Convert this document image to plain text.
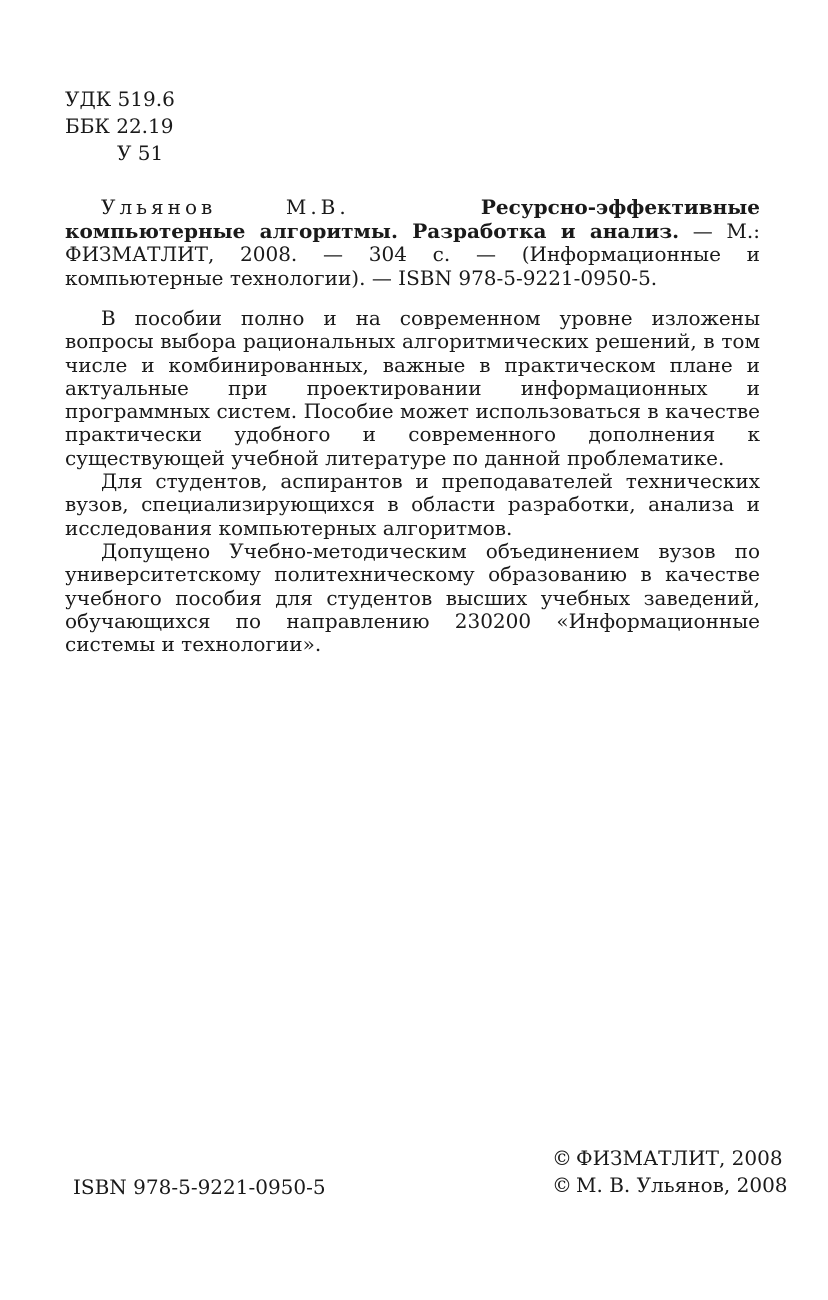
УДК 519.6
ББК 22.19
У 51
Ульянов М.В.	Ресурсно-эффективные компьютерные алгоритмы. Разработка и анализ. — М.: ФИЗМАТЛИТ, 2008. — 304 с. — (Информационные и компьютерные технологии). — ISBN 978-5-9221-0950-5.

В пособии полно и на современном уровне изложены вопросы выбора рациональных алгоритмических решений, в том числе и комбинированных, важные в практическом плане и актуальные при проектировании информационных и программных систем. Пособие может использоваться в качестве практически удобного и современного дополнения к существующей учебной литературе по данной проблематике.

Для студентов, аспирантов и преподавателей технических вузов, специализирующихся в области разработки, анализа и исследования компьютерных алгоритмов.

Допущено Учебно-методическим объединением вузов по университетскому политехническому образованию в качестве учебного пособия для студентов высших учебных заведений, обучающихся по направлению 230200 «Информационные системы и технологии».

ISBN 978-5-9221-0950-5
© ФИЗМАТЛИТ, 2008
© М. В. Ульянов, 2008
